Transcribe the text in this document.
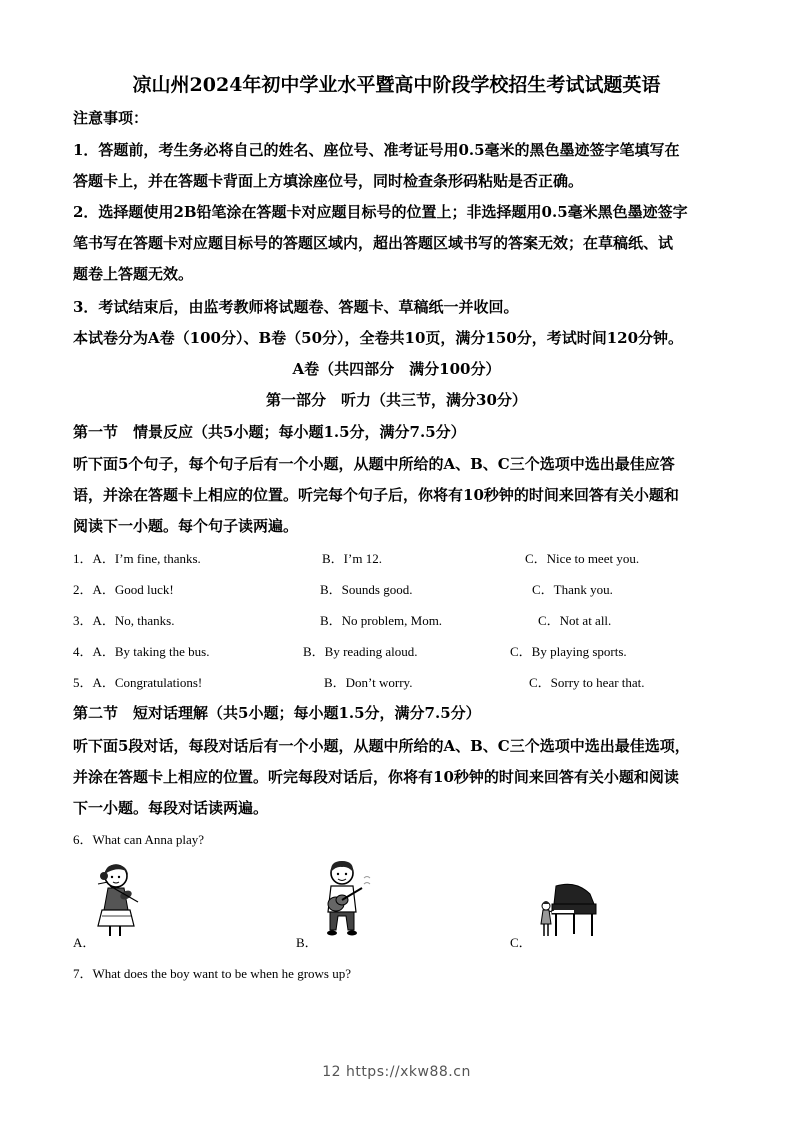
凉山州2024年初中学业水平暨高中阶段学校招生考试试题英语
注意事项：
1．答题前，考生务必将自己的姓名、座位号、准考证号用0.5毫米的黑色墨迹签字笔填写在
答题卡上，并在答题卡背面上方填涂座位号，同时检查条形码粘贴是否正确。
2．选择题使用2B铅笔涂在答题卡对应题目标号的位置上；非选择题用0.5毫米黑色墨迹签字
笔书写在答题卡对应题目标号的答题区域内，超出答题区域书写的答案无效；在草稿纸、试
题卷上答题无效。
3．考试结束后，由监考教师将试题卷、答题卡、草稿纸一并收回。
本试卷分为A卷（100分）、B卷（50分），全卷共10页，满分150分，考试时间120分钟。
A卷（共四部分　满分100分）
第一部分　听力（共三节，满分30分）
第一节　情景反应（共5小题；每小题1.5分，满分7.5分）
听下面5个句子，每个句子后有一个小题，从题中所给的A、B、C三个选项中选出最佳应答
语，并涂在答题卡上相应的位置。听完每个句子后，你将有10秒钟的时间来回答有关小题和
阅读下一小题。每个句子读两遍。
1．A．I’m fine, thanks.	B．I’m 12.	C．Nice to meet you.
2．A．Good luck!	B．Sounds good.	C．Thank you.
3．A．No, thanks.	B．No problem, Mom.	C．Not at all.
4．A．By taking the bus.	B．By reading aloud.	C．By playing sports.
5．A．Congratulations!	B．Don’t worry.	C．Sorry to hear that.
第二节　短对话理解（共5小题；每小题1.5分，满分7.5分）
听下面5段对话，每段对话后有一个小题，从题中所给的A、B、C三个选项中选出最佳选项，
并涂在答题卡上相应的位置。听完每段对话后，你将有10秒钟的时间来回答有关小题和阅读
下一小题。每段对话读两遍。
6．What can Anna play?
A．	B．	C．
7．What does the boy want to be when he grows up?
12 https://xkw88.cn
